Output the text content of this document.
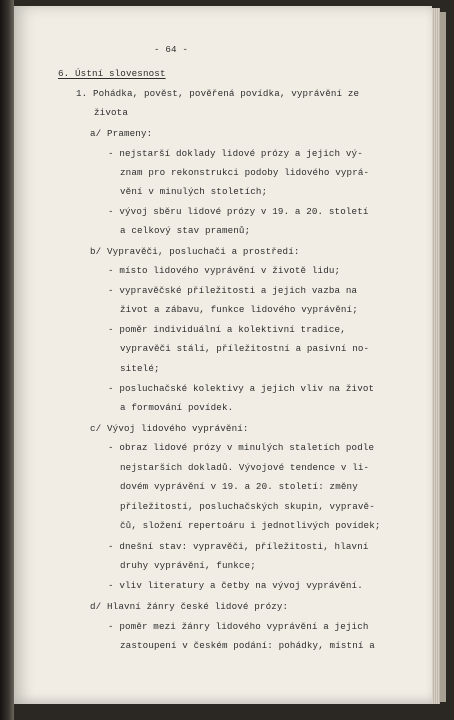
- 64 -
6. Ústní slovesnost
1. Pohádka, pověst, pověřená povídka, vyprávění ze
života
a/ Prameny:
- nejstarší doklady lidové prózy a jejich vý-
znam pro rekonstrukci podoby lidového vyprá-
vění v minulých stoletích;
- vývoj sběru lidové prózy v 19. a 20. století
a celkový stav pramenů;
b/ Vypravěči, posluchači a prostředí:
- místo lidového vyprávění v životě lidu;
- vypravěčské příležitosti a jejich vazba na
život a zábavu, funkce lidového vyprávění;
- poměr individuální a kolektivní tradice,
vypravěči stálí, příležitostní a pasivní no-
sitelé;
- posluchačské kolektivy a jejich vliv na život
a formování povídek.
c/ Vývoj lidového vyprávění:
- obraz lidové prózy v minulých staletích podle
nejstarších dokladů. Vývojové tendence v li-
dovém vyprávění v 19. a 20. století: změny
příležitostí, posluchačských skupin, vypravě-
čů, složení repertoáru i jednotlivých povídek;
- dnešní stav: vypravěči, příležitosti, hlavní
druhy vyprávění, funkce;
- vliv literatury a četby na vývoj vyprávění.
d/ Hlavní žánry české lidové prózy:
- poměr mezi žánry lidového vyprávění a jejich
zastoupení v českém podání: pohádky, místní a
